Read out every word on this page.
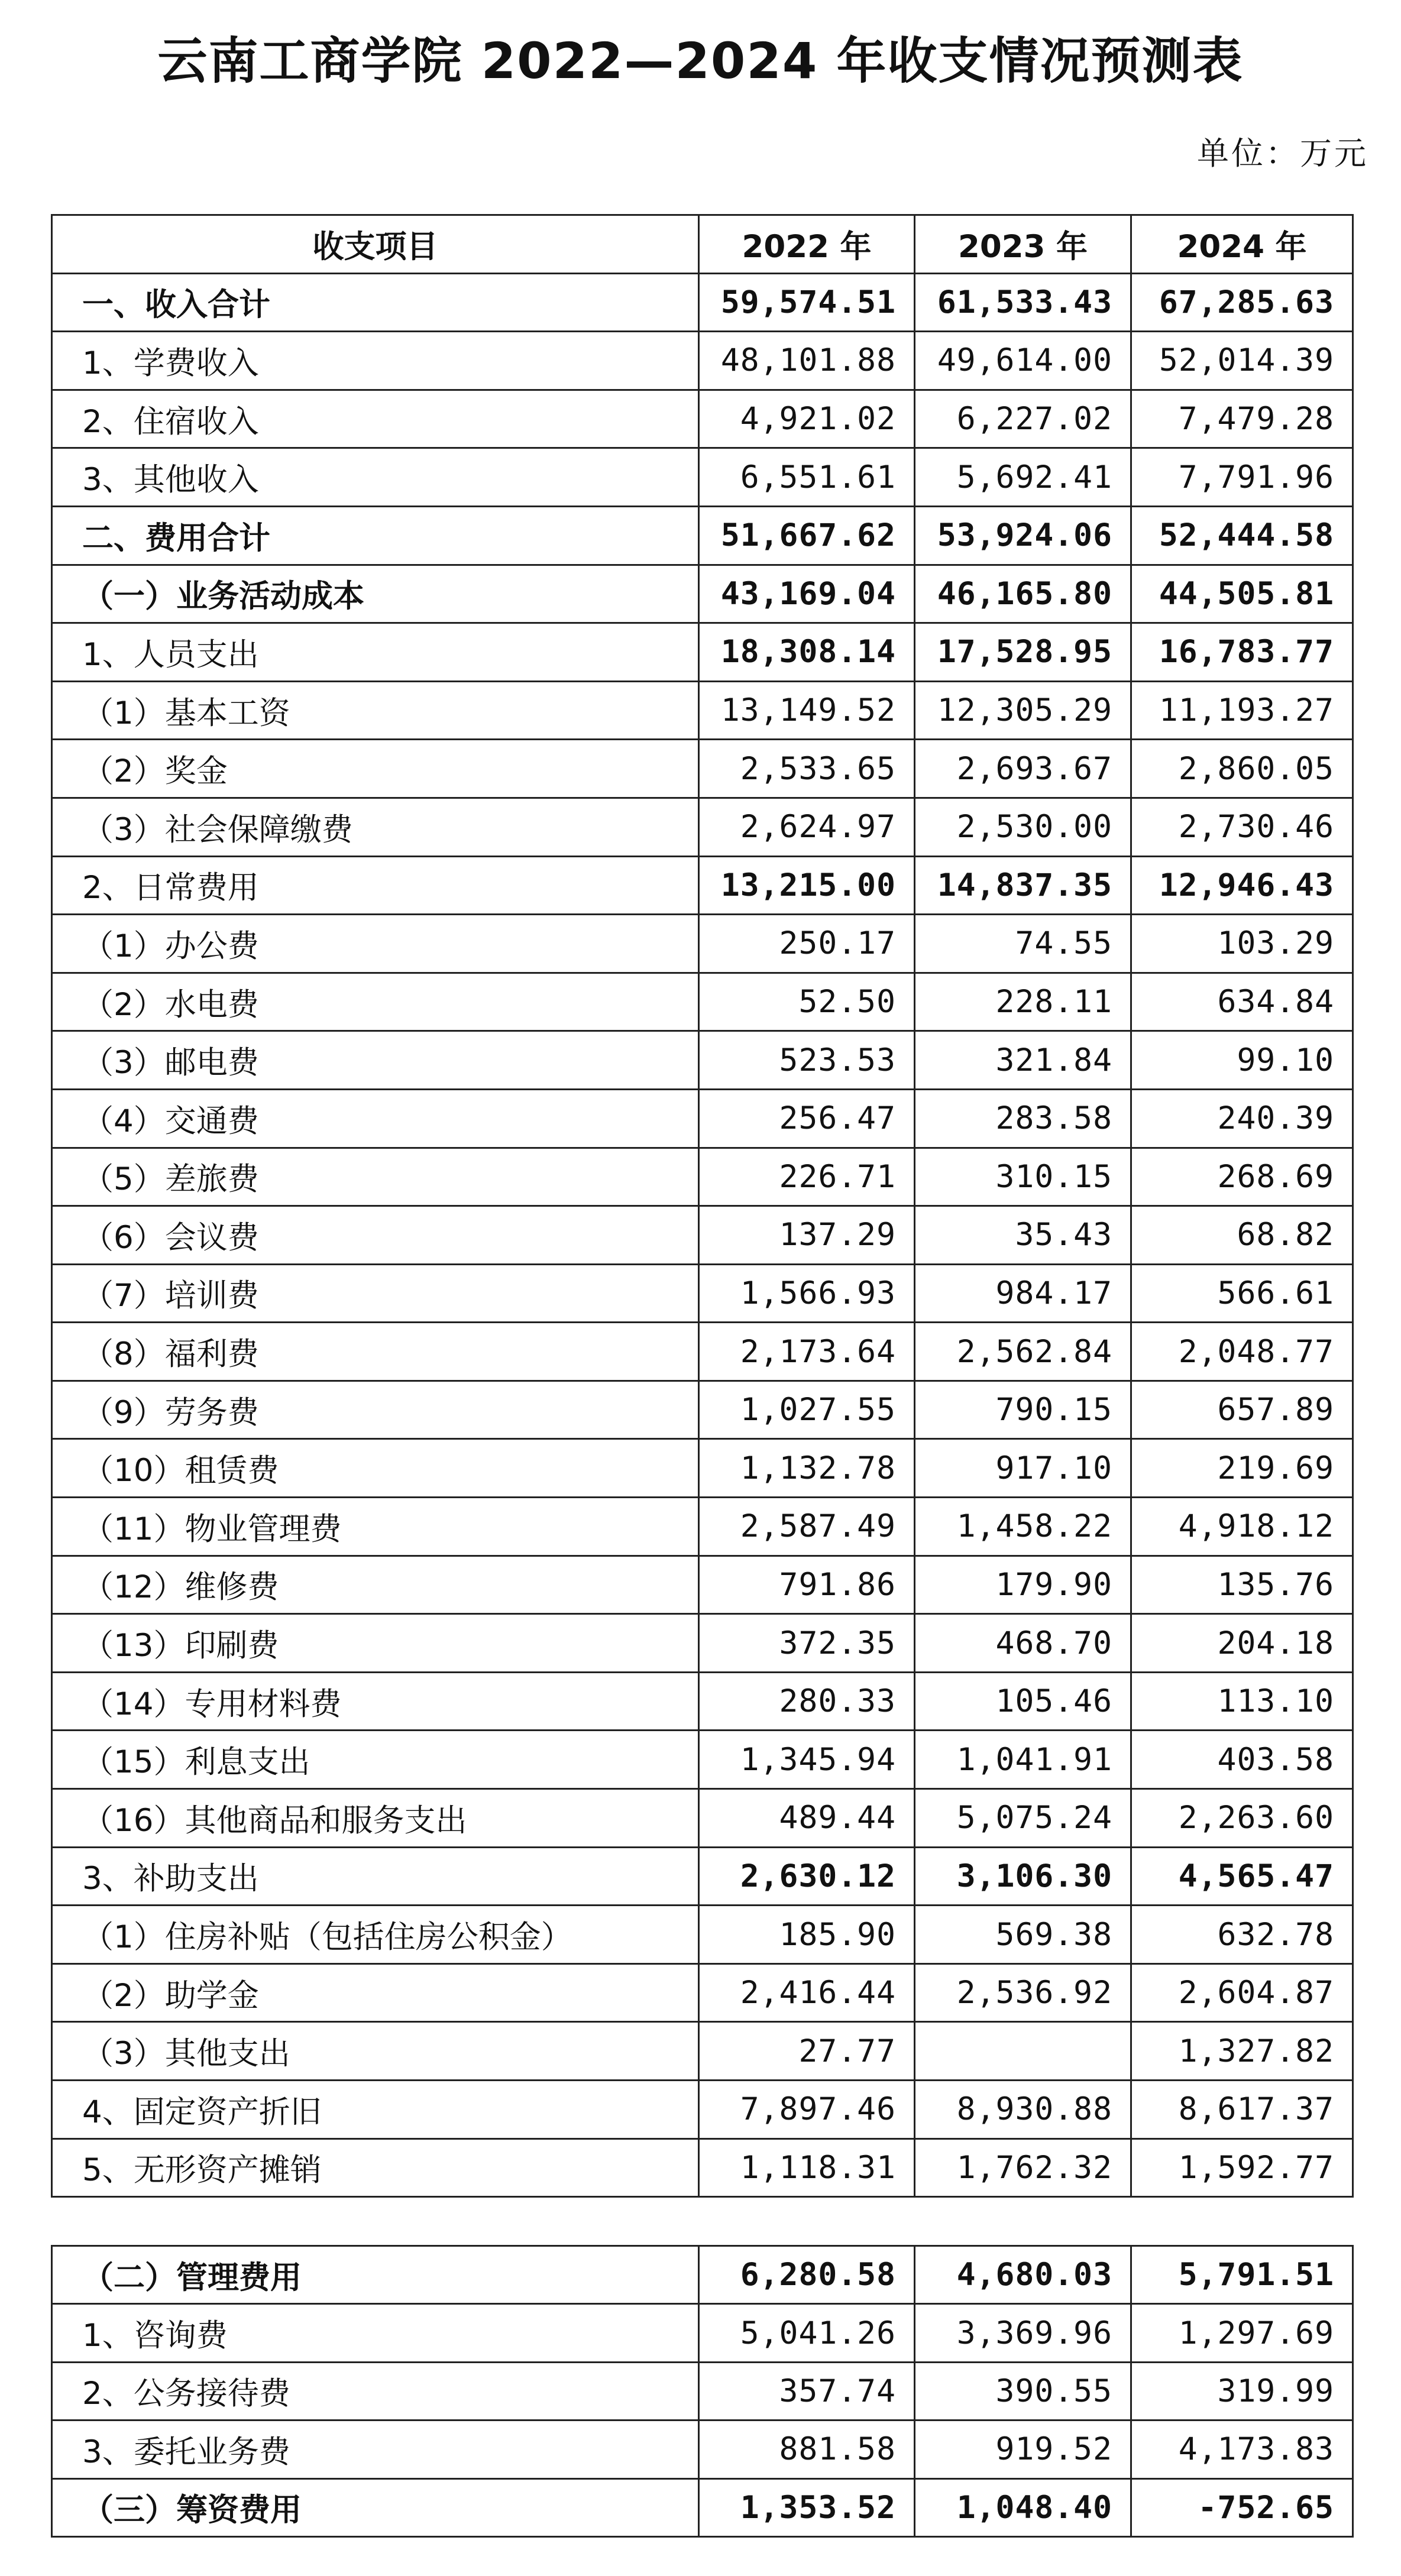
云南工商学院 2022—2024 年收支情况预测表
单位：万元
收支项目	2022 年	2023 年	2024 年
一、收入合计	59,574.51	61,533.43	67,285.63
1、学费收入	48,101.88	49,614.00	52,014.39
2、住宿收入	4,921.02	6,227.02	7,479.28
3、其他收入	6,551.61	5,692.41	7,791.96
二、费用合计	51,667.62	53,924.06	52,444.58
（一）业务活动成本	43,169.04	46,165.80	44,505.81
1、人员支出	18,308.14	17,528.95	16,783.77
（1）基本工资	13,149.52	12,305.29	11,193.27
（2）奖金	2,533.65	2,693.67	2,860.05
（3）社会保障缴费	2,624.97	2,530.00	2,730.46
2、日常费用	13,215.00	14,837.35	12,946.43
（1）办公费	250.17	74.55	103.29
（2）水电费	52.50	228.11	634.84
（3）邮电费	523.53	321.84	99.10
（4）交通费	256.47	283.58	240.39
（5）差旅费	226.71	310.15	268.69
（6）会议费	137.29	35.43	68.82
（7）培训费	1,566.93	984.17	566.61
（8）福利费	2,173.64	2,562.84	2,048.77
（9）劳务费	1,027.55	790.15	657.89
（10）租赁费	1,132.78	917.10	219.69
（11）物业管理费	2,587.49	1,458.22	4,918.12
（12）维修费	791.86	179.90	135.76
（13）印刷费	372.35	468.70	204.18
（14）专用材料费	280.33	105.46	113.10
（15）利息支出	1,345.94	1,041.91	403.58
（16）其他商品和服务支出	489.44	5,075.24	2,263.60
3、补助支出	2,630.12	3,106.30	4,565.47
（1）住房补贴（包括住房公积金）	185.90	569.38	632.78
（2）助学金	2,416.44	2,536.92	2,604.87
（3）其他支出	27.77		1,327.82
4、固定资产折旧	7,897.46	8,930.88	8,617.37
5、无形资产摊销	1,118.31	1,762.32	1,592.77
（二）管理费用	6,280.58	4,680.03	5,791.51
1、咨询费	5,041.26	3,369.96	1,297.69
2、公务接待费	357.74	390.55	319.99
3、委托业务费	881.58	919.52	4,173.83
（三）筹资费用	1,353.52	1,048.40	-752.65
